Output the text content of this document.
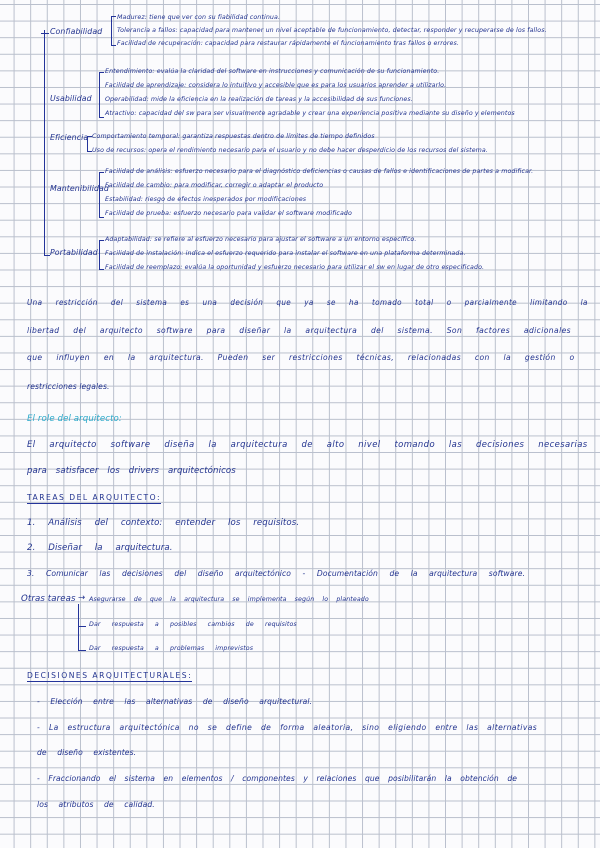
Confiabilidad
Madurez: tiene que ver con su fiabilidad continua.
Tolerancia a fallos: capacidad para mantener un nivel aceptable de funcionamiento, detectar, responder y recuperarse de los fallos.
Facilidad de recuperación: capacidad para restaurar rápidamente el funcionamiento tras fallos o errores.
Usabilidad
Entendimiento: evalúa la claridad del software en instrucciones y comunicación de su funcionamiento.
Facilidad de aprendizaje: considera lo intuitivo y accesible que es para los usuarios aprender a utilizarlo.
Operabilidad: mide la eficiencia en la realización de tareas y la accesibilidad de sus funciones.
Atractivo: capacidad del sw para ser visualmente agradable y crear una experiencia positiva mediante su diseño y elementos
Eficiencia Comportamiento temporal: garantiza respuestas dentro de límites de tiempo definidos
Uso de recursos: opera el rendimiento necesario para el usuario y no debe hacer desperdicio de los recursos del sistema.
Mantenibilidad
Facilidad de análisis: esfuerzo necesario para el diagnóstico deficiencias o causas de fallos e identificaciones de partes a modificar.
Facilidad de cambio: para modificar, corregir o adaptar el producto
Estabilidad: riesgo de efectos inesperados por modificaciones
Facilidad de prueba: esfuerzo necesario para validar el software modificado
Portabilidad
Adaptabilidad: se refiere al esfuerzo necesario para ajustar el software a un entorno específico.
Facilidad de instalación: indica el esfuerzo requerido para instalar el software en una plataforma determinada.
Facilidad de reemplazo: evalúa la oportunidad y esfuerzo necesario para utilizar el sw en lugar de otro especificado.
Una restricción del sistema es una decisión que ya se ha tomado total o parcialmente limitando la
libertad del arquitecto software para diseñar la arquitectura del sistema. Son factores adicionales
que influyen en la arquitectura. Pueden ser restricciones técnicas, relacionadas con la gestión o
restricciones legales.
El role del arquitecto:
El arquitecto software diseña la arquitectura de alto nivel tomando las decisiones necesarias
para satisfacer los drivers arquitectónicos
TAREAS DEL ARQUITECTO:
1. Análisis del contexto: entender los requisitos.
2. Diseñar la arquitectura.
3. Comunicar las decisiones del diseño arquitectónico - Documentación de la arquitectura software.
Otras tareas → Asegurarse de que la arquitectura se implementa según lo planteado
Dar respuesta a posibles cambios de requisitos
Dar respuesta a problemas imprevistos
DECISIONES ARQUITECTURALES:
- Elección entre las alternativas de diseño arquitectural.
- La estructura arquitectónica no se define de forma aleatoria, sino eligiendo entre las alternativas
de diseño existentes.
- Fraccionando el sistema en elementos / componentes y relaciones que posibilitarán la obtención de
los atributos de calidad.
